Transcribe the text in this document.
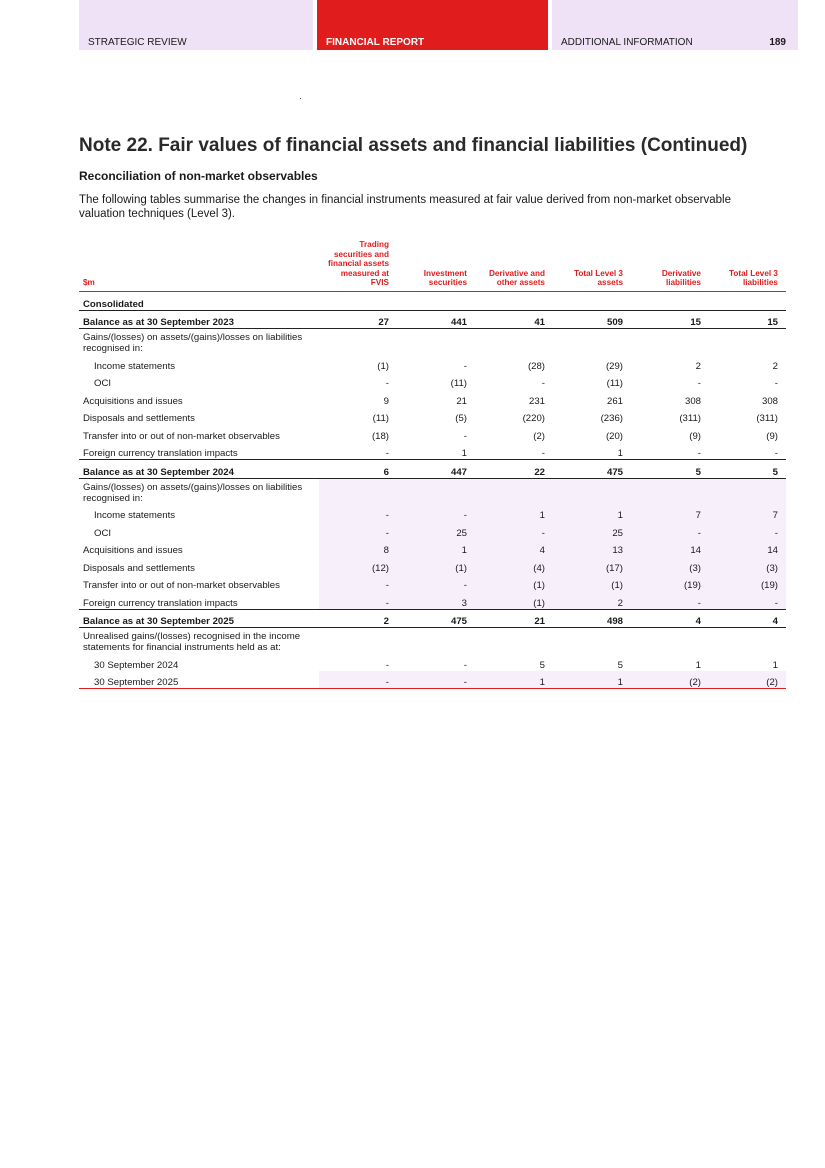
STRATEGIC REVIEW	FINANCIAL REPORT	ADDITIONAL INFORMATION	189
Note 22. Fair values of financial assets and financial liabilities (Continued)
Reconciliation of non-market observables

The following tables summarise the changes in financial instruments measured at fair value derived from non-market observable valuation techniques (Level 3).

$m	Trading securities and financial assets measured at FVIS	Investment securities	Derivative and other assets	Total Level 3 assets	Derivative liabilities	Total Level 3 liabilities
Consolidated						
Balance as at 30 September 2023	27	441	41	509	15	15
Gains/(losses) on assets/(gains)/losses on liabilities recognised in:						
Income statements	(1)	-	(28)	(29)	2	2
OCI	-	(11)	-	(11)	-	-
Acquisitions and issues	9	21	231	261	308	308
Disposals and settlements	(11)	(5)	(220)	(236)	(311)	(311)
Transfer into or out of non-market observables	(18)	-	(2)	(20)	(9)	(9)
Foreign currency translation impacts	-	1	-	1	-	-
Balance as at 30 September 2024	6	447	22	475	5	5
Gains/(losses) on assets/(gains)/losses on liabilities recognised in:						
Income statements	-	-	1	1	7	7
OCI	-	25	-	25	-	-
Acquisitions and issues	8	1	4	13	14	14
Disposals and settlements	(12)	(1)	(4)	(17)	(3)	(3)
Transfer into or out of non-market observables	-	-	(1)	(1)	(19)	(19)
Foreign currency translation impacts	-	3	(1)	2	-	-
Balance as at 30 September 2025	2	475	21	498	4	4
Unrealised gains/(losses) recognised in the income statements for financial instruments held as at:						
30 September 2024	-	-	5	5	1	1
30 September 2025	-	-	1	1	(2)	(2)
